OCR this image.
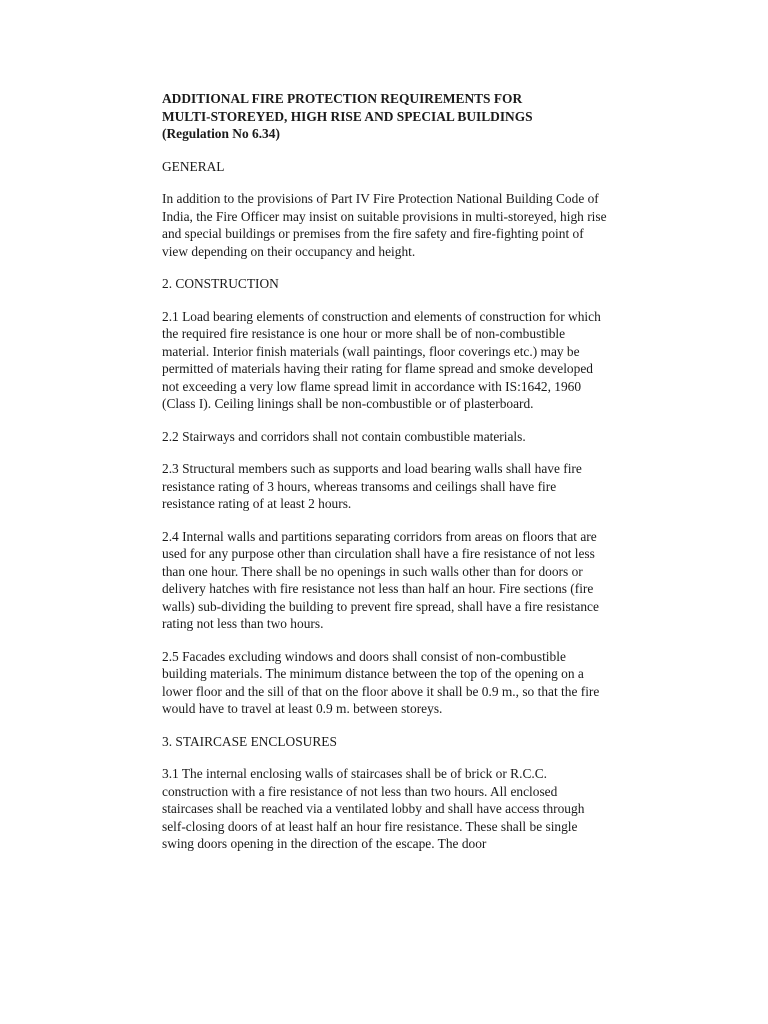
ADDITIONAL FIRE PROTECTION REQUIREMENTS FOR
MULTI-STOREYED, HIGH RISE AND SPECIAL BUILDINGS
(Regulation No 6.34)

GENERAL

In addition to the provisions of Part IV Fire Protection National Building Code of India, the Fire Officer may insist on suitable provisions in multi-storeyed, high rise and special buildings or premises from the fire safety and fire-fighting point of view depending on their occupancy and height.

2. CONSTRUCTION

2.1 Load bearing elements of construction and elements of construction for which the required fire resistance is one hour or more shall be of non-combustible material. Interior finish materials (wall paintings, floor coverings etc.) may be permitted of materials having their rating for flame spread and smoke developed not exceeding a very low flame spread limit in accordance with IS:1642, 1960 (Class I). Ceiling linings shall be non-combustible or of plasterboard.

2.2 Stairways and corridors shall not contain combustible materials.

2.3 Structural members such as supports and load bearing walls shall have fire resistance rating of 3 hours, whereas transoms and ceilings shall have fire resistance rating of at least 2 hours.

2.4 Internal walls and partitions separating corridors from areas on floors that are used for any purpose other than circulation shall have a fire resistance of not less than one hour. There shall be no openings in such walls other than for doors or delivery hatches with fire resistance not less than half an hour. Fire sections (fire walls) sub-dividing the building to prevent fire spread, shall have a fire resistance rating not less than two hours.

2.5 Facades excluding windows and doors shall consist of non-combustible building materials. The minimum distance between the top of the opening on a lower floor and the sill of that on the floor above it shall be 0.9 m., so that the fire would have to travel at least 0.9 m. between storeys.

3. STAIRCASE ENCLOSURES

3.1 The internal enclosing walls of staircases shall be of brick or R.C.C. construction with a fire resistance of not less than two hours. All enclosed staircases shall be reached via a ventilated lobby and shall have access through self-closing doors of at least half an hour fire resistance. These shall be single swing doors opening in the direction of the escape. The door
